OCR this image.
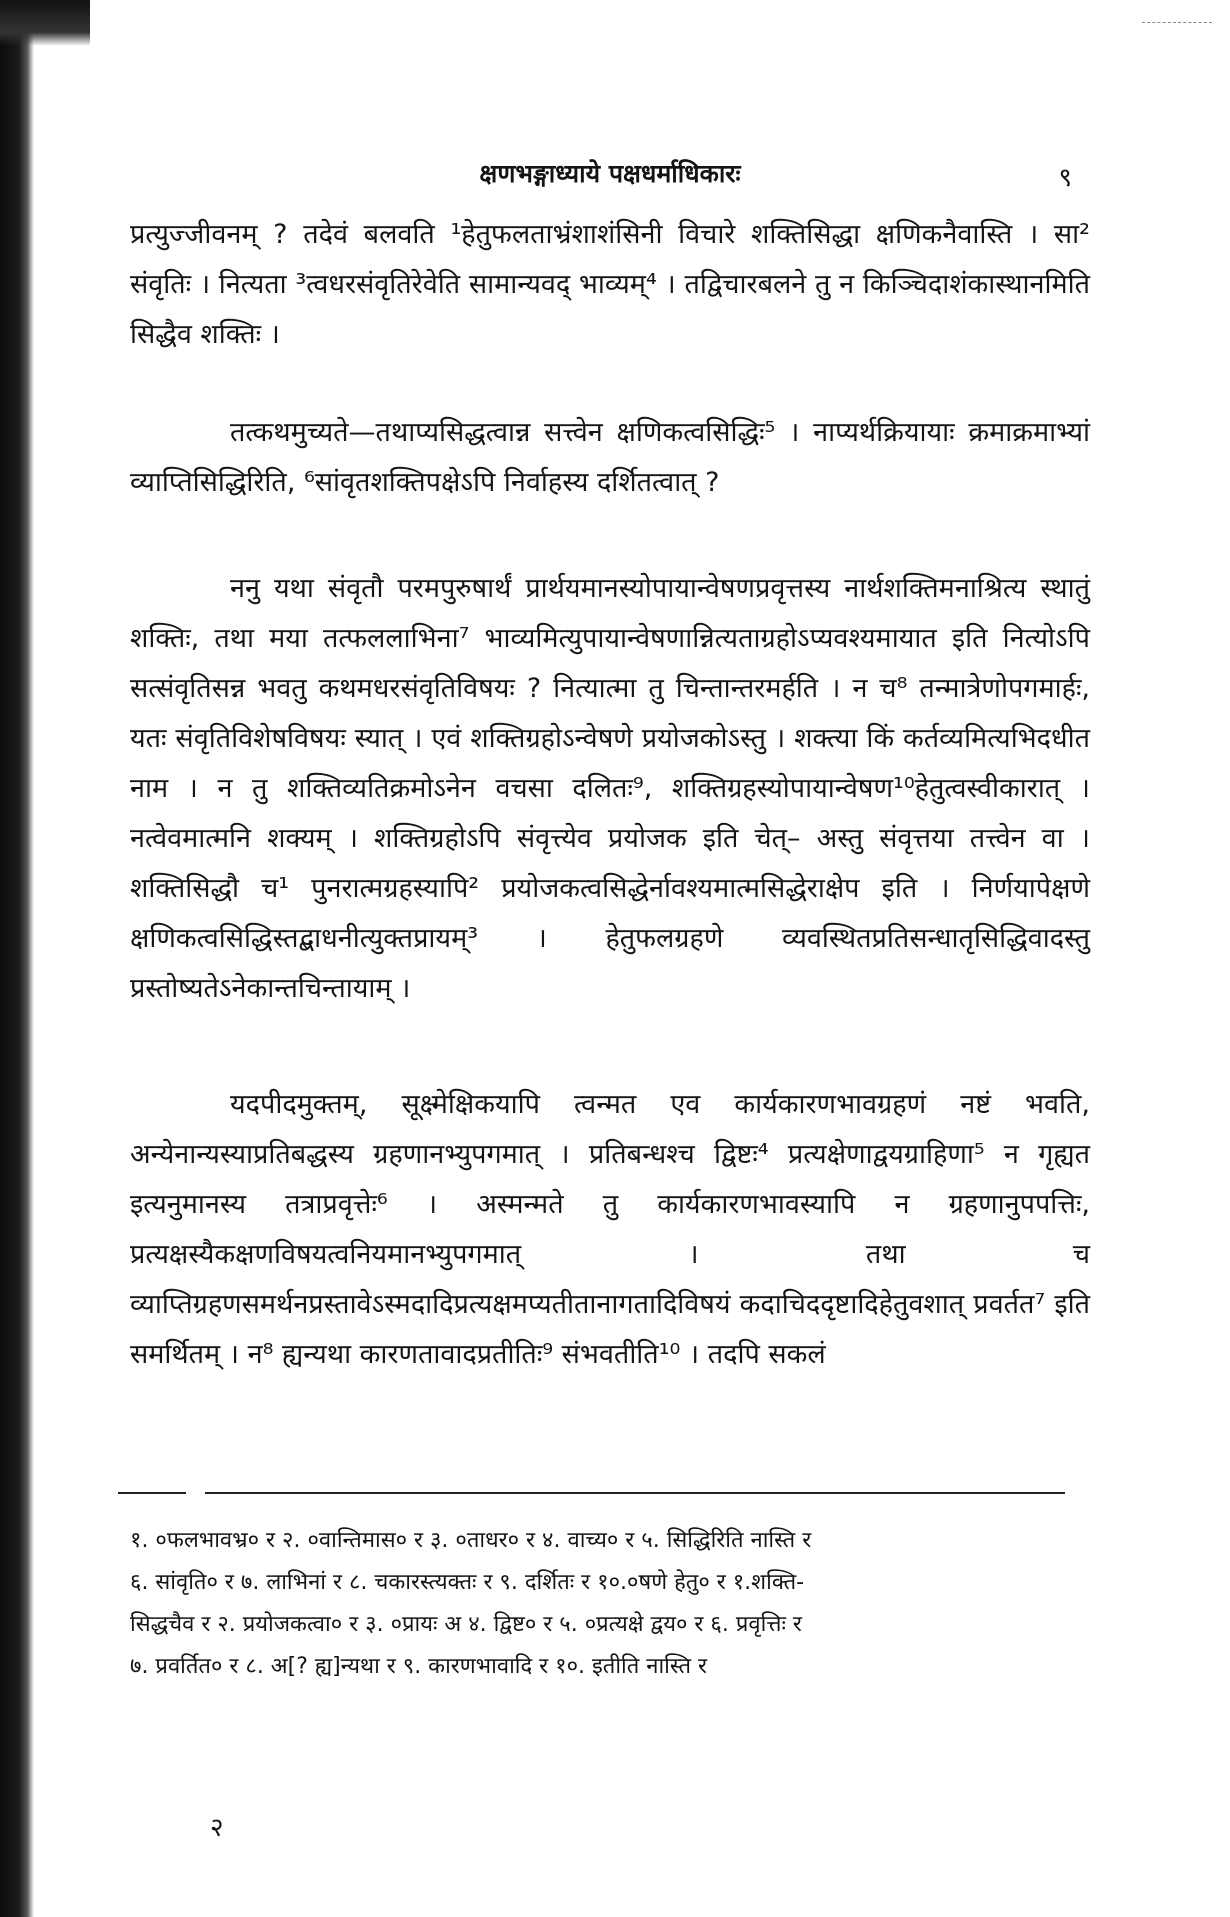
क्षणभङ्गाध्याये पक्षधर्माधिकारः	९

प्रत्युज्जीवनम् ? तदेवं बलवति ¹हेतुफलताभ्रंशाशंसिनी विचारे शक्तिसिद्धा क्षणिकनैवास्ति । सा² संवृतिः । नित्यता ³त्वधरसंवृतिरेवेति सामान्यवद् भाव्यम्⁴ । तद्विचारबलने तु न किञ्चिदाशंकास्थानमिति सिद्धैव शक्तिः ।

तत्कथमुच्यते—तथाप्यसिद्धत्वान्न सत्त्वेन क्षणिकत्वसिद्धिः⁵ । नाप्यर्थक्रियायाः क्रमाक्रमाभ्यां व्याप्तिसिद्धिरिति, ⁶सांवृतशक्तिपक्षेऽपि निर्वाहस्य दर्शितत्वात् ?

ननु यथा संवृतौ परमपुरुषार्थं प्रार्थयमानस्योपायान्वेषणप्रवृत्तस्य नार्थशक्तिमनाश्रित्य स्थातुं शक्तिः, तथा मया तत्फललाभिना⁷ भाव्यमित्युपायान्वेषणान्नित्यताग्रहोऽप्यवश्यमायात इति नित्योऽपि सत्संवृतिसन्न भवतु कथमधरसंवृतिविषयः ? नित्यात्मा तु चिन्तान्तरमर्हति । न च⁸ तन्मात्रेणोपगमार्हः, यतः संवृतिविशेषविषयः स्यात् । एवं शक्तिग्रहोऽन्वेषणे प्रयोजकोऽस्तु । शक्त्या किं कर्तव्यमित्यभिदधीत नाम । न तु शक्तिव्यतिक्रमोऽनेन वचसा दलितः⁹, शक्तिग्रहस्योपायान्वेषण¹⁰हेतुत्वस्वीकारात् । नत्वेवमात्मनि शक्यम् । शक्तिग्रहोऽपि संवृत्त्येव प्रयोजक इति चेत्– अस्तु संवृत्तया तत्त्वेन वा । शक्तिसिद्धौ च¹ पुनरात्मग्रहस्यापि² प्रयोजकत्वसिद्धेर्नावश्यमात्मसिद्धेराक्षेप इति । निर्णयापेक्षणे क्षणिकत्वसिद्धिस्तद्बाधनीत्युक्तप्रायम्³ । हेतुफलग्रहणे व्यवस्थितप्रतिसन्धातृसिद्धिवादस्तु प्रस्तोष्यतेऽनेकान्तचिन्तायाम् ।

यदपीदमुक्तम्, सूक्ष्मेक्षिकयापि त्वन्मत एव कार्यकारणभावग्रहणं नष्टं भवति, अन्येनान्यस्याप्रतिबद्धस्य ग्रहणानभ्युपगमात् । प्रतिबन्धश्च द्विष्टः⁴ प्रत्यक्षेणाद्वयग्राहिणा⁵ न गृह्यत इत्यनुमानस्य तत्राप्रवृत्तेः⁶ । अस्मन्मते तु कार्यकारणभावस्यापि न ग्रहणानुपपत्तिः, प्रत्यक्षस्यैकक्षणविषयत्वनियमानभ्युपगमात् । तथा च व्याप्तिग्रहणसमर्थनप्रस्तावेऽस्मदादिप्रत्यक्षमप्यतीतानागतादिविषयं कदाचिददृष्टादिहेतुवशात् प्रवर्तत⁷ इति समर्थितम् । न⁸ ह्यन्यथा कारणतावादप्रतीतिः⁹ संभवतीति¹⁰ । तदपि सकलं

१. ०फलभावभ्र० र २. ०वान्तिमास० र ३. ०ताधर० र ४. वाच्य० र ५. सिद्धिरिति नास्ति र

६. सांवृति० र ७. लाभिनां र ८. चकारस्त्यक्तः र ९. दर्शितः र १०.०षणे हेतु० र १.शक्ति-

सिद्धचैव र २. प्रयोजकत्वा० र ३. ०प्रायः अ ४. द्विष्ट० र ५. ०प्रत्यक्षे द्वय० र ६. प्रवृत्तिः र

७. प्रवर्तित० र ८. अ[? ह्य]न्यथा र ९. कारणभावादि र १०. इतीति नास्ति र

२
